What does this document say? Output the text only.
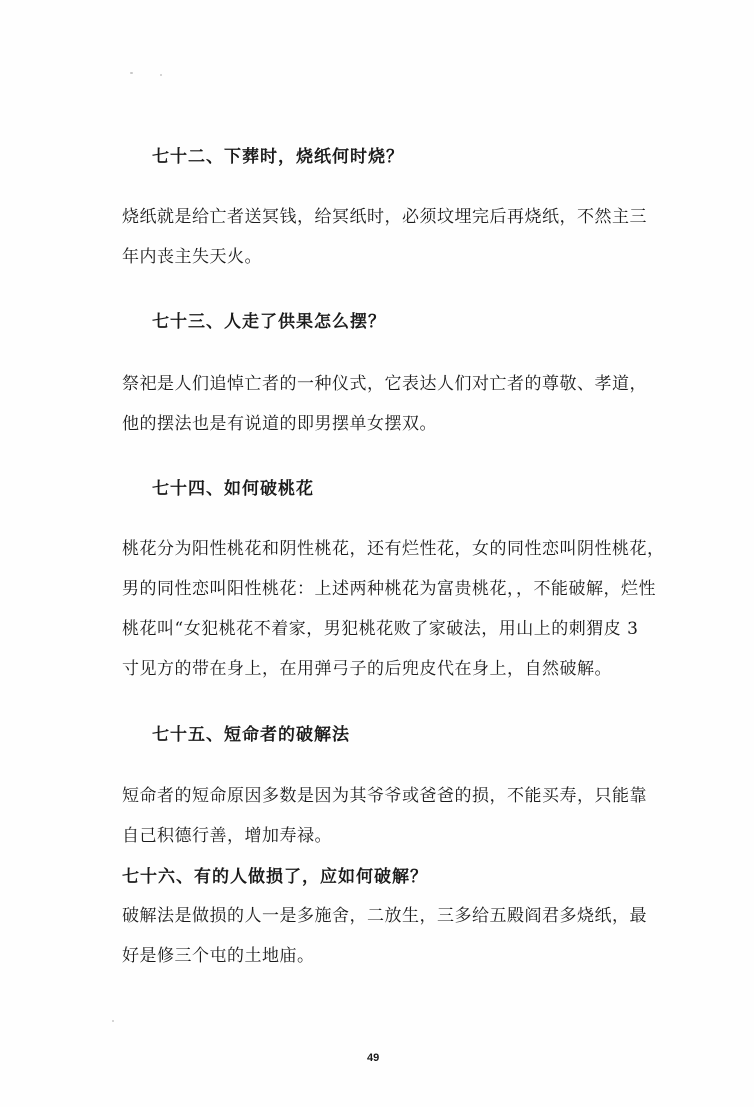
七十二、下葬时，烧纸何时烧？
烧纸就是给亡者送冥钱，给冥纸时，必须坟埋完后再烧纸，不然主三
年内丧主失天火。
七十三、人走了供果怎么摆？
祭祀是人们追悼亡者的一种仪式，它表达人们对亡者的尊敬、孝道，
他的摆法也是有说道的即男摆单女摆双。
七十四、如何破桃花
桃花分为阳性桃花和阴性桃花，还有烂性花，女的同性恋叫阴性桃花，
男的同性恋叫阳性桃花：上述两种桃花为富贵桃花，，不能破解，烂性
桃花叫“女犯桃花不着家，男犯桃花败了家破法，用山上的刺猬皮 3
寸见方的带在身上，在用弹弓子的后兜皮代在身上，自然破解。
七十五、短命者的破解法
短命者的短命原因多数是因为其爷爷或爸爸的损，不能买寿，只能靠
自己积德行善，增加寿禄。
七十六、有的人做损了，应如何破解？
破解法是做损的人一是多施舍，二放生，三多给五殿阎君多烧纸，最
好是修三个屯的土地庙。
49
